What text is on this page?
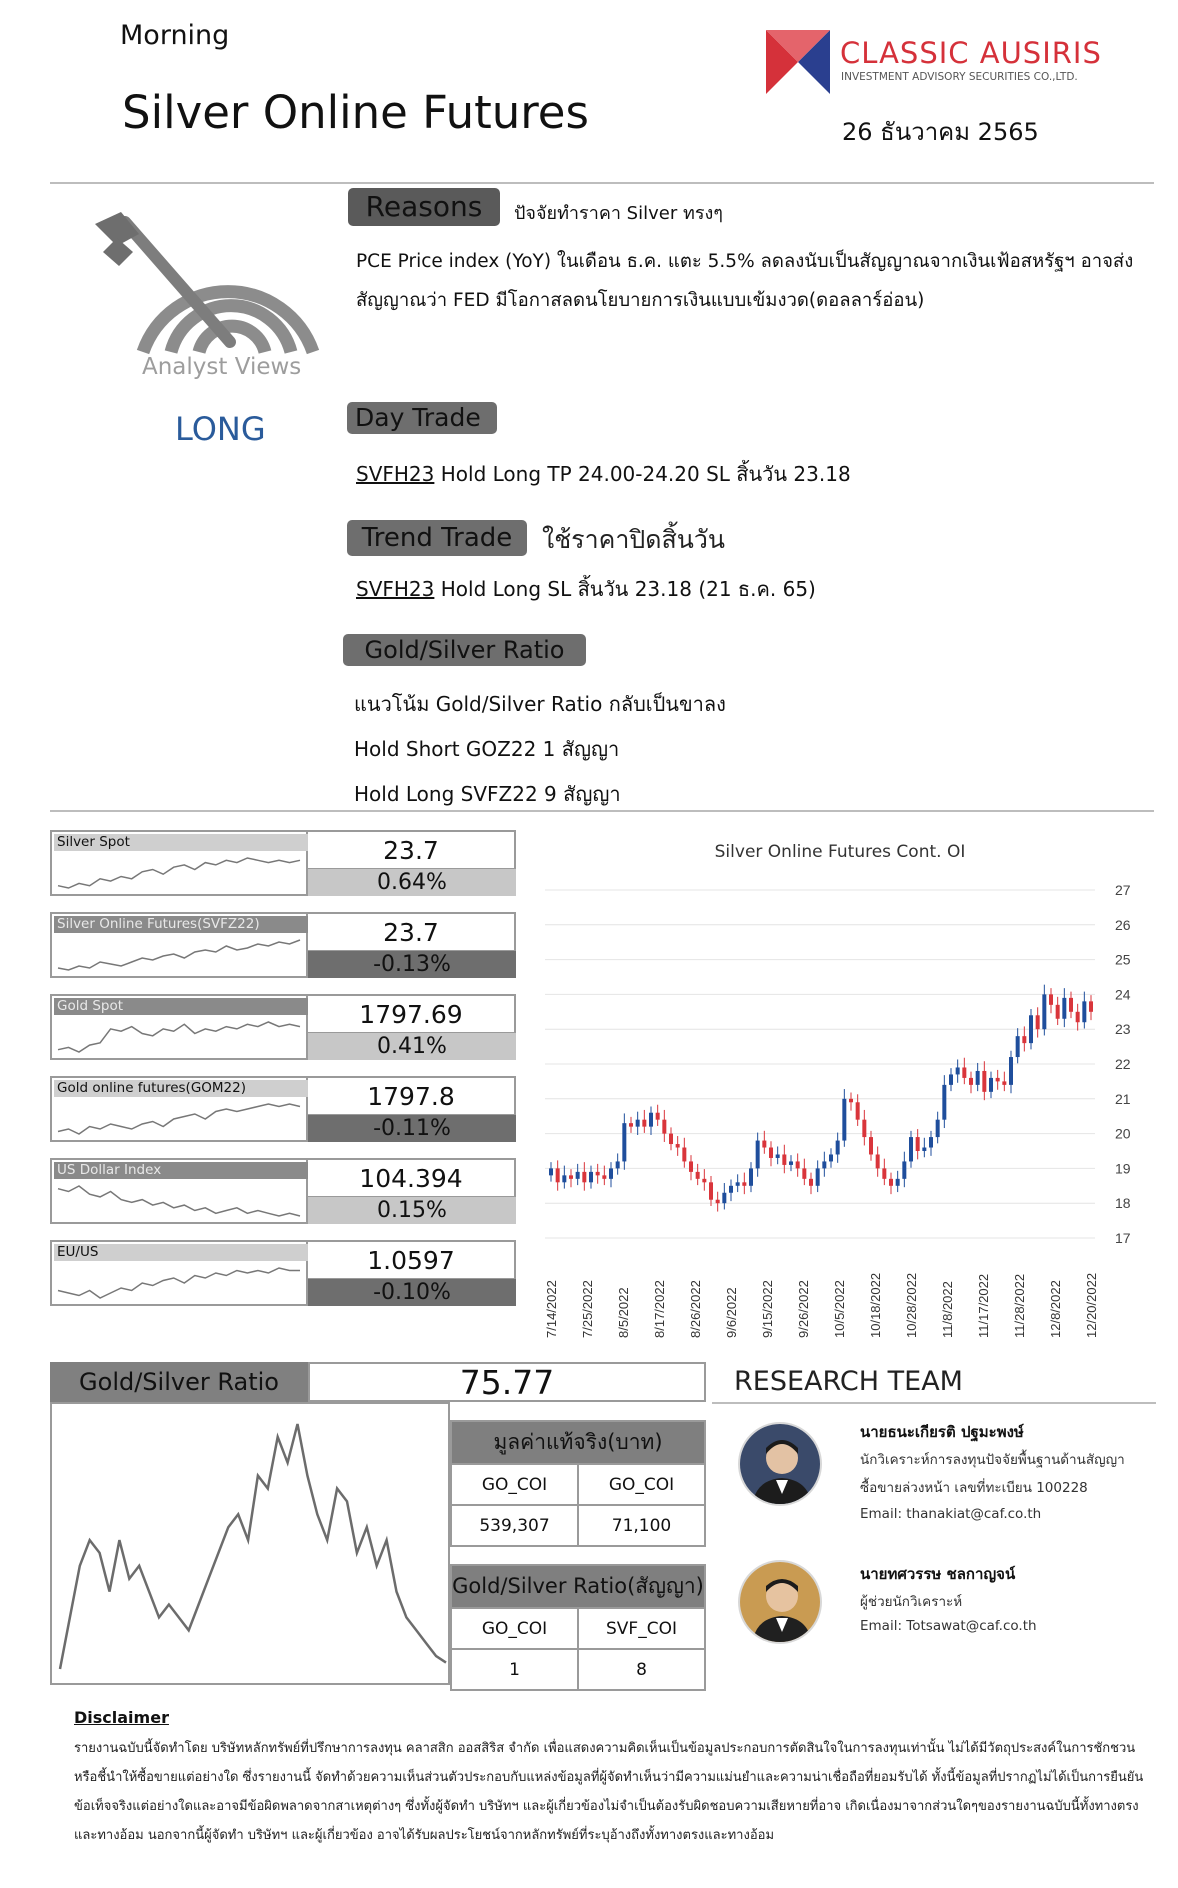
Morning
Silver Online Futures
CLASSIC AUSIRIS
INVESTMENT ADVISORY SECURITIES CO.,LTD.
26 ธันวาคม 2565
Analyst Views
LONG
Reasons	ปัจจัยทำราคา Silver ทรงๆ
PCE Price index (YoY) ในเดือน ธ.ค. แตะ 5.5% ลดลงนับเป็นสัญญาณจากเงินเฟ้อสหรัฐฯ อาจส่ง
สัญญาณว่า FED มีโอกาสลดนโยบายการเงินแบบเข้มงวด(ดอลลาร์อ่อน)
Day Trade
SVFH23 Hold Long TP 24.00-24.20 SL สิ้นวัน 23.18
Trend Trade	ใช้ราคาปิดสิ้นวัน
SVFH23 Hold Long SL สิ้นวัน 23.18 (21 ธ.ค. 65)
Gold/Silver Ratio
แนวโน้ม Gold/Silver Ratio กลับเป็นขาลง
Hold Short GOZ22 1 สัญญา
Hold Long SVFZ22 9 สัญญา
Silver Spot	23.7
0.64%
Silver Online Futures(SVFZ22)	23.7
-0.13%
Gold Spot	1797.69
0.41%
Gold online futures(GOM22)	1797.8
-0.11%
US Dollar Index	104.394
0.15%
EU/US	1.0597
-0.10%
Silver Online Futures Cont. OI
27
26
25
24
23
22
21
20
19
18
17
7/14/2022 7/25/2022 8/5/2022 8/17/2022 8/26/2022 9/6/2022 9/15/2022 9/26/2022 10/5/2022 10/18/2022 10/28/2022 11/8/2022 11/17/2022 11/28/2022 12/8/2022 12/20/2022
Gold/Silver Ratio	75.77
มูลค่าแท้จริง(บาท)	
GO_COI	GO_COI
539,307	71,100
Gold/Silver Ratio(สัญญา)	
GO_COI	SVF_COI
1	8
RESEARCH TEAM
นายธนะเกียรติ ปฐมะพงษ์
นักวิเคราะห์การลงทุนปัจจัยพื้นฐานด้านสัญญา
ซื้อขายล่วงหน้า เลขที่ทะเบียน 100228
Email: thanakiat@caf.co.th
นายทศวรรษ ชลกาญจน์
ผู้ช่วยนักวิเคราะห์
Email: Totsawat@caf.co.th
Disclaimer
รายงานฉบับนี้จัดทำโดย บริษัทหลักทรัพย์ที่ปรึกษาการลงทุน คลาสสิก ออสสิริส จำกัด เพื่อแสดงความคิดเห็นเป็นข้อมูลประกอบการตัดสินใจในการลงทุนเท่านั้น ไม่ได้มีวัตถุประสงค์ในการชักชวน
หรือชี้นำให้ซื้อขายแต่อย่างใด ซึ่งรายงานนี้ จัดทำด้วยความเห็นส่วนตัวประกอบกับแหล่งข้อมูลที่ผู้จัดทำเห็นว่ามีความแม่นยำและความน่าเชื่อถือที่ยอมรับได้ ทั้งนี้ข้อมูลที่ปรากฏไม่ได้เป็นการยืนยัน
ข้อเท็จจริงแต่อย่างใดและอาจมีข้อผิดพลาดจากสาเหตุต่างๆ ซึ่งทั้งผู้จัดทำ บริษัทฯ และผู้เกี่ยวข้องไม่จำเป็นต้องรับผิดชอบความเสียหายที่อาจ เกิดเนื่องมาจากส่วนใดๆของรายงานฉบับนี้ทั้งทางตรง
และทางอ้อม นอกจากนี้ผู้จัดทำ บริษัทฯ และผู้เกี่ยวข้อง อาจได้รับผลประโยชน์จากหลักทรัพย์ที่ระบุอ้างถึงทั้งทางตรงและทางอ้อม
